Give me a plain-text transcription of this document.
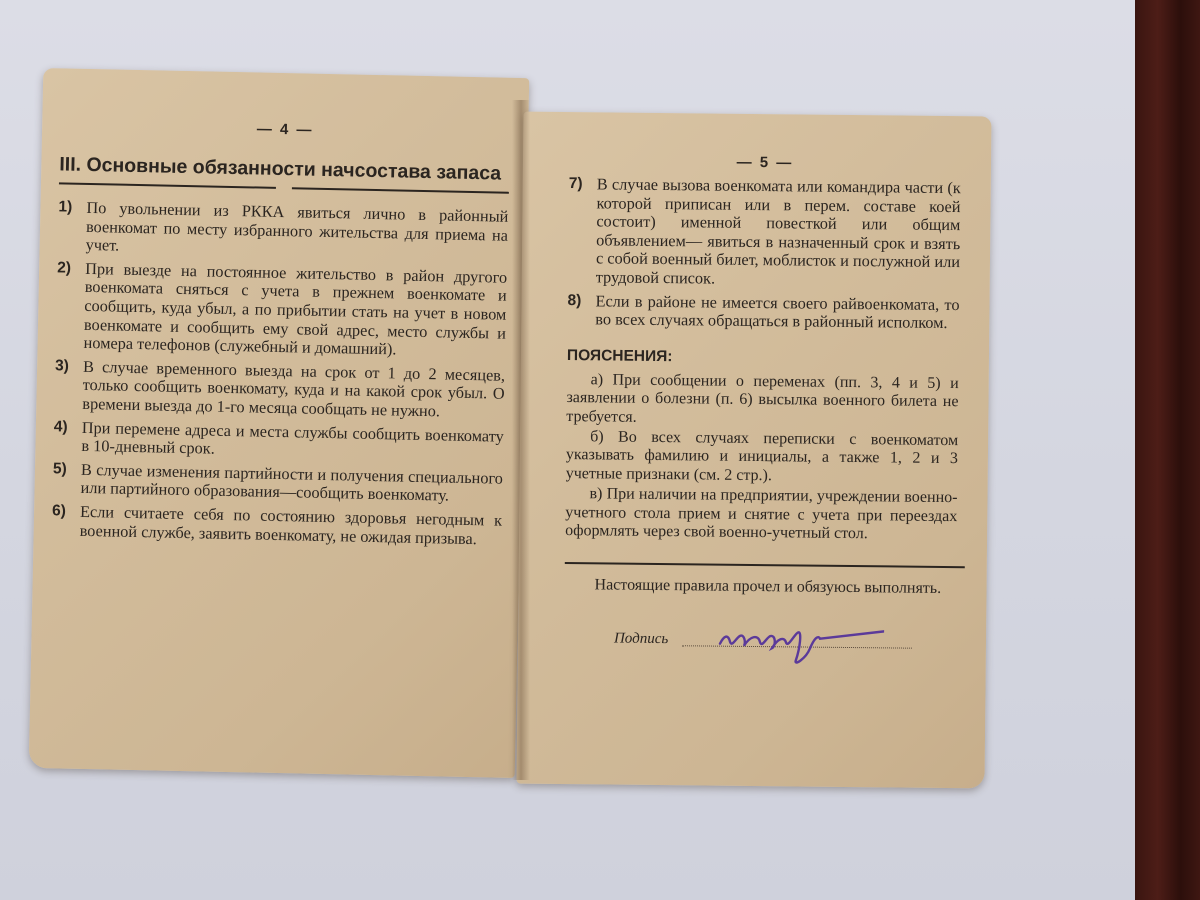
— 4 —
III. Основные обязанности начсостава запаса
1) По увольнении из РККА явиться лично в районный военкомат по месту избранного жительства для приема на учет.
2) При выезде на постоянное жительство в район другого военкомата сняться с учета в прежнем военкомате и сообщить, куда убыл, а по прибытии стать на учет в новом военкомате и сообщить ему свой адрес, место службы и номера телефонов (служебный и домашний).
3) В случае временного выезда на срок от 1 до 2 месяцев, только сообщить военкомату, куда и на какой срок убыл. О времени выезда до 1-го месяца сообщать не нужно.
4) При перемене адреса и места службы сообщить военкомату в 10-дневный срок.
5) В случае изменения партийности и получения специального или партийного образования—сообщить военкомату.
6) Если считаете себя по состоянию здоровья негодным к военной службе, заявить военкомату, не ожидая призыва.
— 5 —
7) В случае вызова военкомата или командира части (к которой приписан или в перем. составе коей состоит) именной повесткой или общим объявлением— явиться в назначенный срок и взять с собой военный билет, моблисток и послужной или трудовой список.
8) Если в районе не имеется своего райвоенкомата, то во всех случаях обращаться в районный исполком.
ПОЯСНЕНИЯ:
а) При сообщении о переменах (пп. 3, 4 и 5) и заявлении о болезни (п. 6) высылка военного билета не требуется.
б) Во всех случаях переписки с военкоматом указывать фамилию и инициалы, а также 1, 2 и 3 учетные признаки (см. 2 стр.).
в) При наличии на предприятии, учреждении военно-учетного стола прием и снятие с учета при переездах оформлять через свой военно-учетный стол.
Настоящие правила прочел и обязуюсь выполнять.
Подпись
